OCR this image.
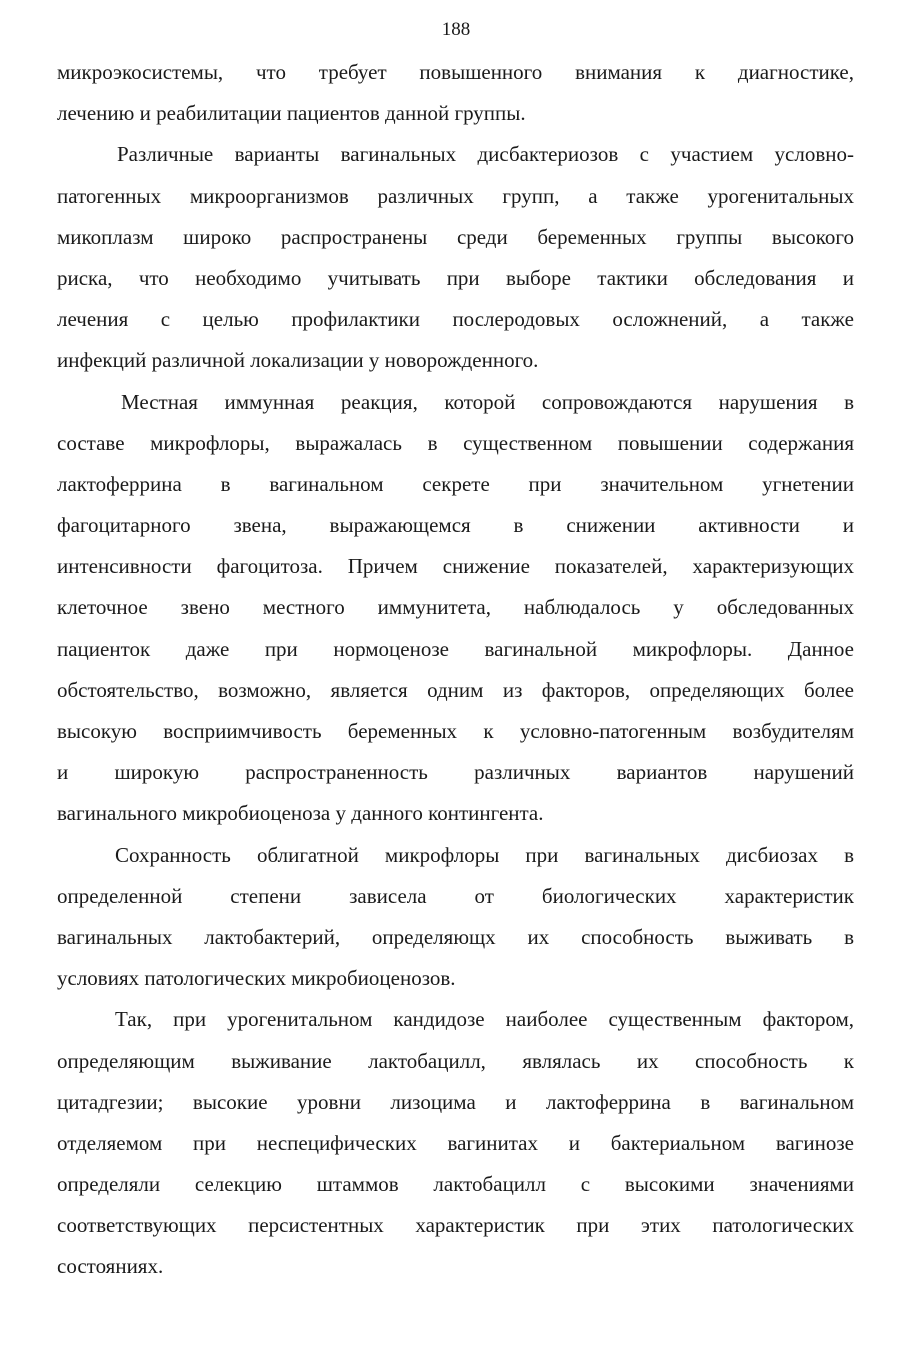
188
микроэкосистемы, что требует повышенного внимания к диагностике,
лечению и реабилитации пациентов данной группы.
Различные варианты вагинальных дисбактериозов с участием условно-
патогенных микроорганизмов различных групп, а также урогенитальных
микоплазм широко распространены среди беременных группы высокого
риска, что необходимо учитывать при выборе тактики обследования и
лечения с целью профилактики послеродовых осложнений, а также
инфекций различной локализации у новорожденного.
Местная иммунная реакция, которой сопровождаются нарушения в
составе микрофлоры, выражалась в существенном повышении содержания
лактоферрина в вагинальном секрете при значительном угнетении
фагоцитарного звена, выражающемся в снижении активности и
интенсивности фагоцитоза. Причем снижение показателей, характеризующих
клеточное звено местного иммунитета, наблюдалось у обследованных
пациенток даже при нормоценозе вагинальной микрофлоры. Данное
обстоятельство, возможно, является одним из факторов, определяющих более
высокую восприимчивость беременных к условно-патогенным возбудителям
и широкую распространенность различных вариантов нарушений
вагинального микробиоценоза у данного контингента.
Сохранность облигатной микрофлоры при вагинальных дисбиозах в
определенной степени зависела от биологических характеристик
вагинальных лактобактерий, определяющх их способность выживать в
условиях патологических микробиоценозов.
Так, при урогенитальном кандидозе наиболее существенным фактором,
определяющим выживание лактобацилл, являлась их способность к
цитадгезии; высокие уровни лизоцима и лактоферрина в вагинальном
отделяемом при неспецифических вагинитах и бактериальном вагинозе
определяли селекцию штаммов лактобацилл с высокими значениями
соответствующих персистентных характеристик при этих патологических
состояниях.
